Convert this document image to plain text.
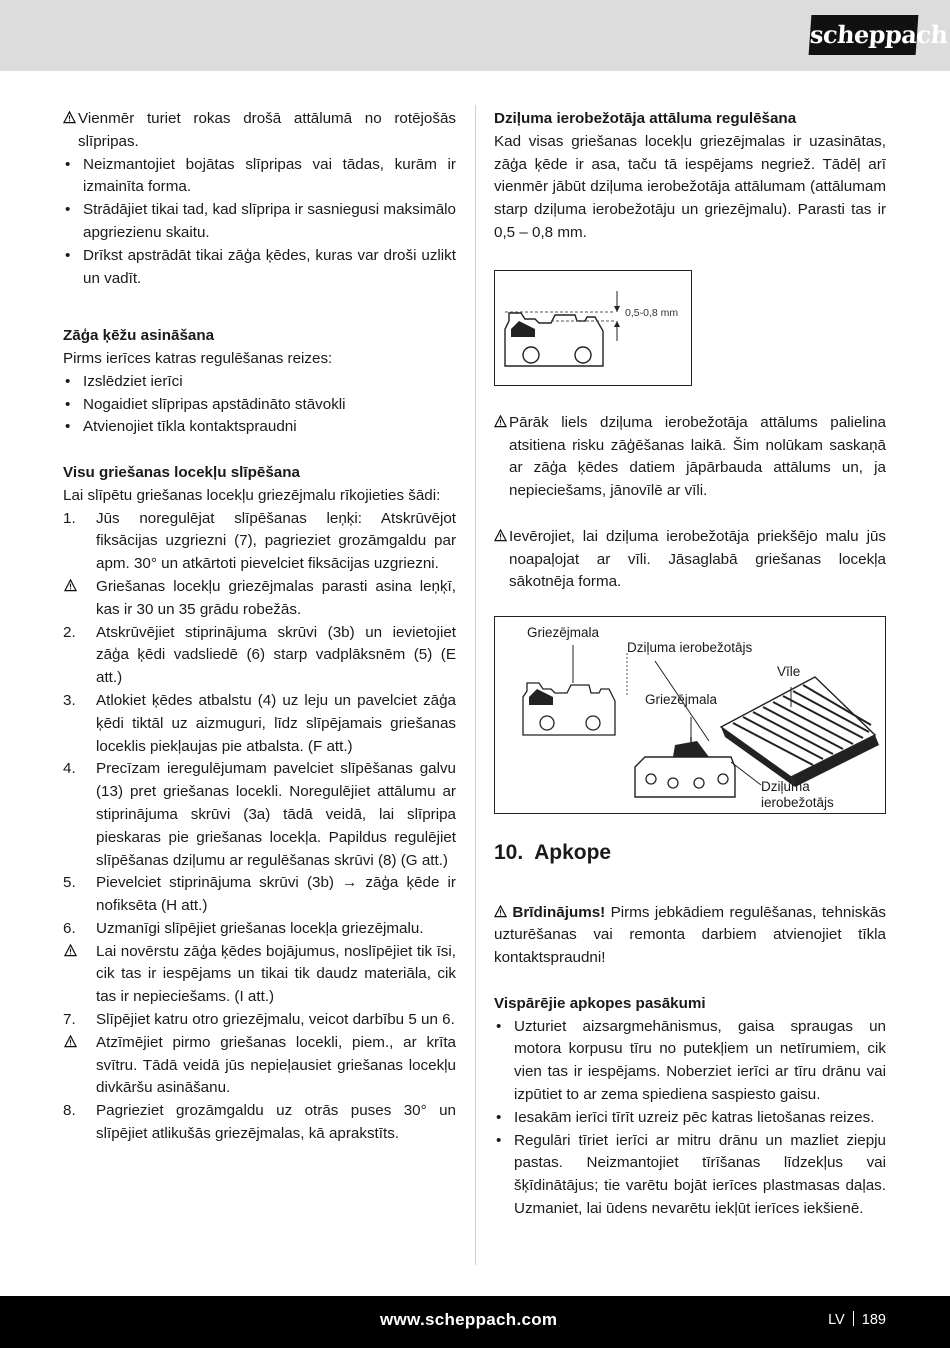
scheppach

Vienmēr turiet rokas drošā attālumā no rotējošās slīpripas.

• Neizmantojiet bojātas slīpripas vai tādas, kurām ir izmainīta forma.

• Strādājiet tikai tad, kad slīpripa ir sasniegusi maksimālo apgriezienu skaitu.

• Drīkst apstrādāt tikai zāģa ķēdes, kuras var droši uzlikt un vadīt.

Zāģa ķēžu asināšana

Pirms ierīces katras regulēšanas reizes:

• Izslēdziet ierīci

• Nogaidiet slīpripas apstādināto stāvokli

• Atvienojiet tīkla kontaktspraudni

Visu griešanas locekļu slīpēšana

Lai slīpētu griešanas locekļu griezējmalu rīkojieties šādi:

1. Jūs noregulējat slīpēšanas leņķi: Atskrūvējot fiksācijas uzgriezni (7), pagrieziet grozāmgaldu par apm. 30° un atkārtoti pievelciet fiksācijas uzgriezni.

Griešanas locekļu griezējmalas parasti asina leņķī, kas ir 30 un 35 grādu robežās.

2. Atskrūvējiet stiprinājuma skrūvi (3b) un ievietojiet zāģa ķēdi vadsliedē (6) starp vadplāksnēm (5) (E att.)

3. Atlokiet ķēdes atbalstu (4) uz leju un pavelciet zāģa ķēdi tiktāl uz aizmuguri, līdz slīpējamais griešanas loceklis piekļaujas pie atbalsta. (F att.)

4. Precīzam ieregulējumam pavelciet slīpēšanas galvu (13) pret griešanas locekli. Noregulējiet attālumu ar stiprinājuma skrūvi (3a) tādā veidā, lai slīpripa pieskaras pie griešanas locekļa. Papildus regulējiet slīpēšanas dziļumu ar regulēšanas skrūvi (8) (G att.)

5. Pievelciet stiprinājuma skrūvi (3b) → zāģa ķēde ir nofiksēta (H att.)

6. Uzmanīgi slīpējiet griešanas locekļa griezējmalu.

Lai novērstu zāģa ķēdes bojājumus, noslīpējiet tik īsi, cik tas ir iespējams un tikai tik daudz materiāla, cik tas ir nepieciešams. (I att.)

7. Slīpējiet katru otro griezējmalu, veicot darbību 5 un 6.

Atzīmējiet pirmo griešanas locekli, piem., ar krīta svītru. Tādā veidā jūs nepieļausiet griešanas locekļu divkāršu asināšanu.

8. Pagrieziet grozāmgaldu uz otrās puses 30° un slīpējiet atlikušās griezējmalas, kā aprakstīts.

Dziļuma ierobežotāja attāluma regulēšana

Kad visas griešanas locekļu griezējmalas ir uzasinātas, zāģa ķēde ir asa, taču tā iespējams negriež. Tādēļ arī vienmēr jābūt dziļuma ierobežotāja attālumam (attālumam starp dziļuma ierobežotāju un griezējmalu). Parasti tas ir 0,5 – 0,8 mm.

0,5-0,8 mm

Pārāk liels dziļuma ierobežotāja attālums palielina atsitiena risku zāģēšanas laikā. Šim nolūkam saskaņā ar zāģa ķēdes datiem jāpārbauda attālums un, ja nepieciešams, jānovīlē ar vīli.

Ievērojiet, lai dziļuma ierobežotāja priekšējo malu jūs noapaļojat ar vīli. Jāsaglabā griešanas locekļa sākotnēja forma.

Griezējmala
Dziļuma ierobežotājs
Vīle
Griezējmala
Dziļuma
ierobežotājs
10.  Apkope

Brīdinājums! Pirms jebkādiem regulēšanas, tehniskās uzturēšanas vai remonta darbiem atvienojiet tīkla kontaktspraudni!

Vispārējie apkopes pasākumi

• Uzturiet aizsargmehānismus, gaisa spraugas un motora korpusu tīru no putekļiem un netīrumiem, cik vien tas ir iespējams. Noberziet ierīci ar tīru drānu vai izpūtiet to ar zema spiediena saspiesto gaisu.

• Iesakām ierīci tīrīt uzreiz pēc katras lietošanas reizes.

• Regulāri tīriet ierīci ar mitru drānu un mazliet ziepju pastas. Neizmantojiet tīrīšanas līdzekļus vai šķīdinātājus; tie varētu bojāt ierīces plastmasas daļas. Uzmaniet, lai ūdens nevarētu iekļūt ierīces iekšienē.

www.scheppach.com	LV 189
